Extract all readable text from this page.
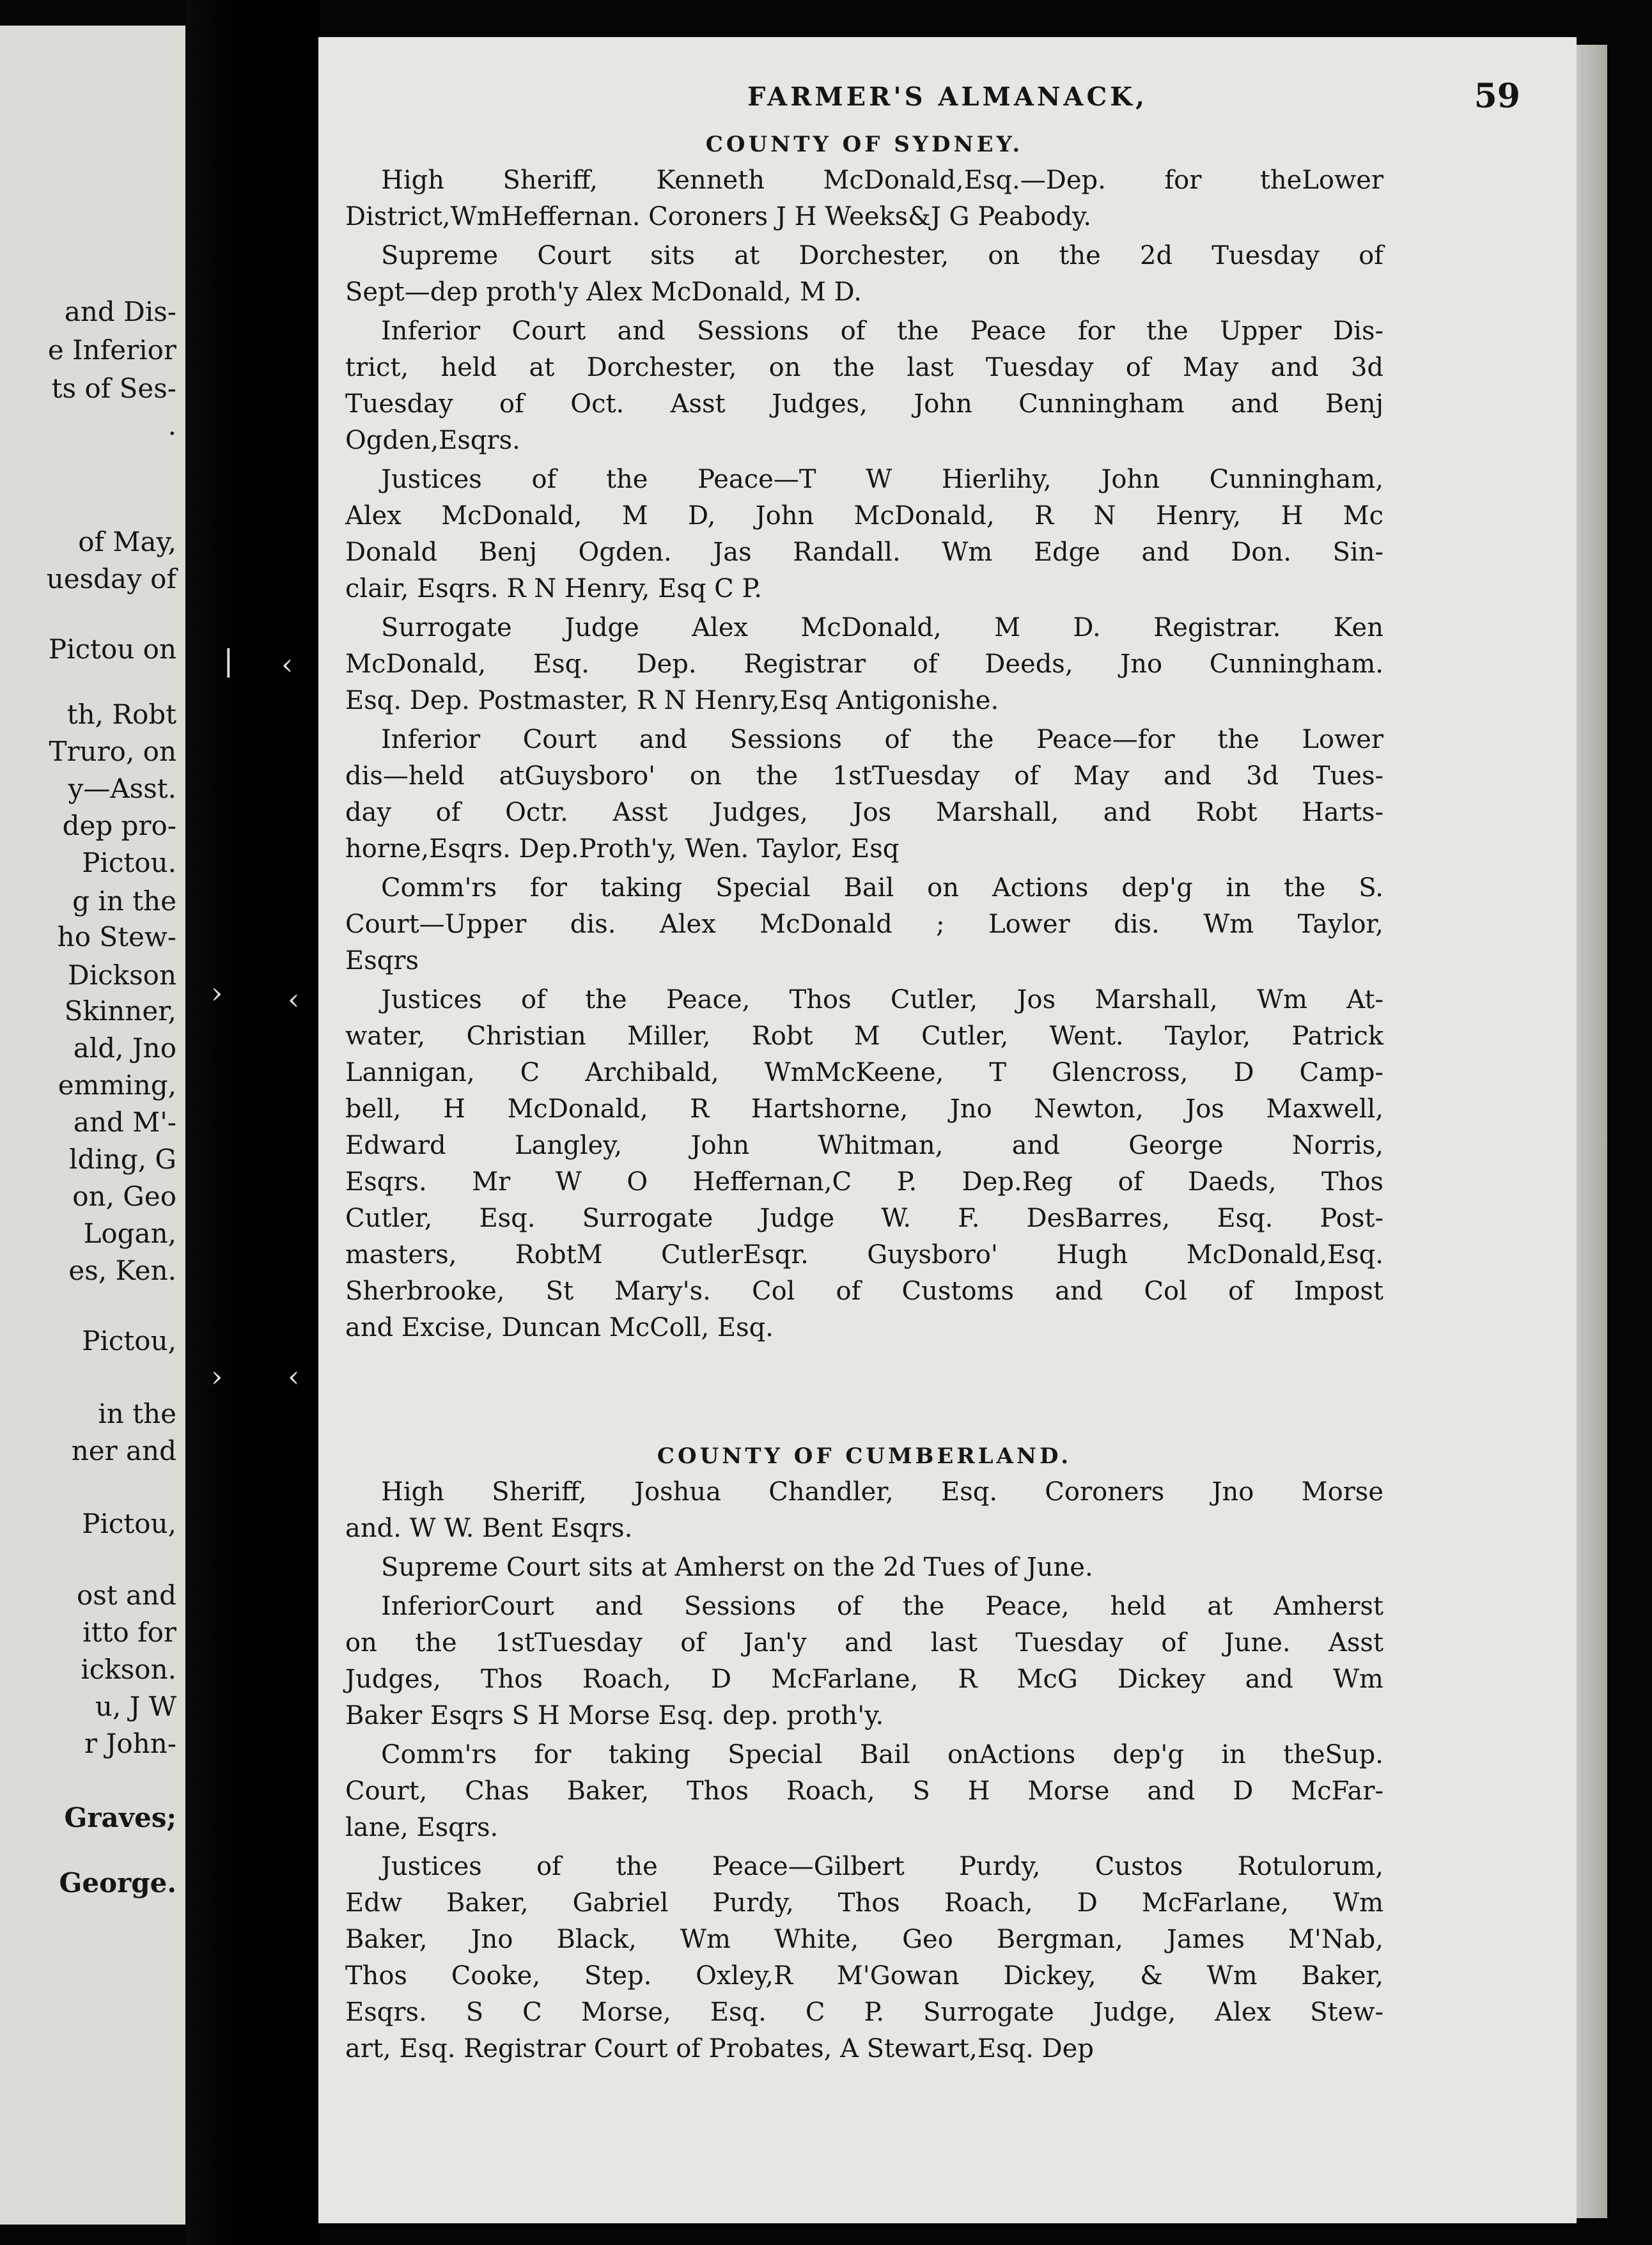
and Dis-
e Inferior
ts of Ses-
.
of May,
uesday of
Pictou on
th, Robt
Truro, on
y—Asst.
dep pro-
Pictou.
g in the
ho Stew-
Dickson
Skinner,
ald, Jno
emming,
and M'-
lding, G
on, Geo
Logan,
es, Ken.
Pictou,
in the
ner and
Pictou,
ost and
itto for
ickson.
u, J W
r John-
Graves;
George.
❘ ‹
› ‹
› ‹
FARMER'S ALMANACK,	59
COUNTY OF SYDNEY.
High Sheriff, Kenneth McDonald,Esq.—Dep. for theLower
District,WmHeffernan. Coroners J H Weeks&J G Peabody.
Supreme Court sits at Dorchester, on the 2d Tuesday of
Sept—dep proth'y Alex McDonald, M D.
Inferior Court and Sessions of the Peace for the Upper Dis-
trict, held at Dorchester, on the last Tuesday of May and 3d
Tuesday of Oct. Asst Judges, John Cunningham and Benj
Ogden,Esqrs.
Justices of the Peace—T W Hierlihy, John Cunningham,
Alex McDonald, M D, John McDonald, R N Henry, H Mc
Donald Benj Ogden. Jas Randall. Wm Edge and Don. Sin-
clair, Esqrs. R N Henry, Esq C P.
Surrogate Judge Alex McDonald, M D. Registrar. Ken
McDonald, Esq. Dep. Registrar of Deeds, Jno Cunningham.
Esq. Dep. Postmaster, R N Henry,Esq Antigonishe.
Inferior Court and Sessions of the Peace—for the Lower
dis—held atGuysboro' on the 1stTuesday of May and 3d Tues-
day of Octr. Asst Judges, Jos Marshall, and Robt Harts-
horne,Esqrs. Dep.Proth'y, Wen. Taylor, Esq
Comm'rs for taking Special Bail on Actions dep'g in the S.
Court—Upper dis. Alex McDonald ; Lower dis. Wm Taylor,
Esqrs
Justices of the Peace, Thos Cutler, Jos Marshall, Wm At-
water, Christian Miller, Robt M Cutler, Went. Taylor, Patrick
Lannigan, C Archibald, WmMcKeene, T Glencross, D Camp-
bell, H McDonald, R Hartshorne, Jno Newton, Jos Maxwell,
Edward Langley, John Whitman, and George Norris,
Esqrs. Mr W O Heffernan,C P. Dep.Reg of Daeds, Thos
Cutler, Esq. Surrogate Judge W. F. DesBarres, Esq. Post-
masters, RobtM CutlerEsqr. Guysboro' Hugh McDonald,Esq.
Sherbrooke, St Mary's. Col of Customs and Col of Impost
and Excise, Duncan McColl, Esq.
COUNTY OF CUMBERLAND.
High Sheriff, Joshua Chandler, Esq. Coroners Jno Morse
and. W W. Bent Esqrs.
Supreme Court sits at Amherst on the 2d Tues of June.
InferiorCourt and Sessions of the Peace, held at Amherst
on the 1stTuesday of Jan'y and last Tuesday of June. Asst
Judges, Thos Roach, D McFarlane, R McG Dickey and Wm
Baker Esqrs S H Morse Esq. dep. proth'y.
Comm'rs for taking Special Bail onActions dep'g in theSup.
Court, Chas Baker, Thos Roach, S H Morse and D McFar-
lane, Esqrs.
Justices of the Peace—Gilbert Purdy, Custos Rotulorum,
Edw Baker, Gabriel Purdy, Thos Roach, D McFarlane, Wm
Baker, Jno Black, Wm White, Geo Bergman, James M'Nab,
Thos Cooke, Step. Oxley,R M'Gowan Dickey, & Wm Baker,
Esqrs. S C Morse, Esq. C P. Surrogate Judge, Alex Stew-
art, Esq. Registrar Court of Probates, A Stewart,Esq. Dep
